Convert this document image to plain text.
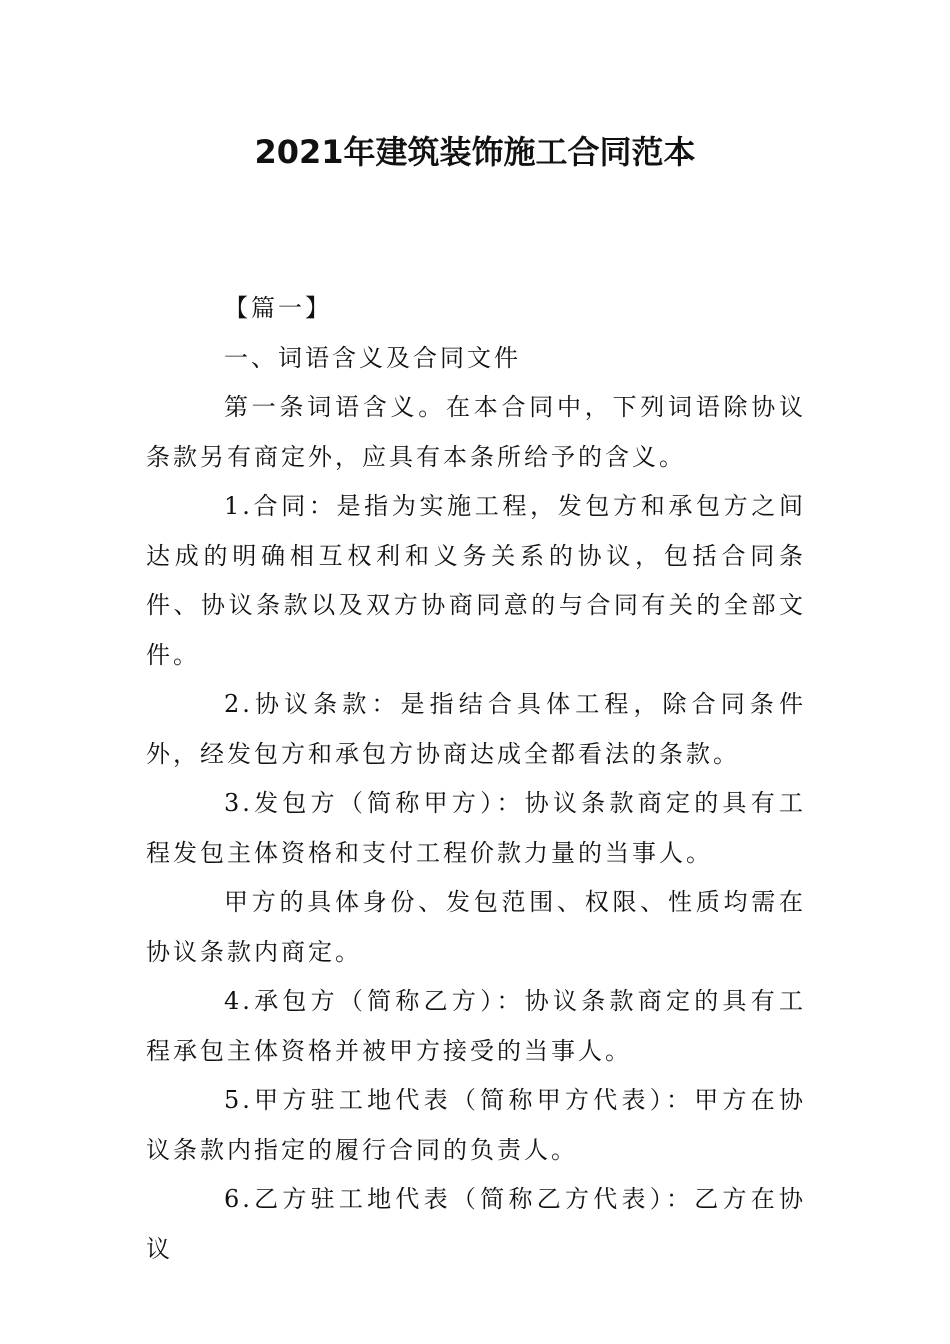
2021年建筑装饰施工合同范本

【篇一】

一、词语含义及合同文件

第一条词语含义。在本合同中，下列词语除协议条款另有商定外，应具有本条所给予的含义。

1.合同：是指为实施工程，发包方和承包方之间达成的明确相互权利和义务关系的协议，包括合同条件、协议条款以及双方协商同意的与合同有关的全部文件。

2.协议条款：是指结合具体工程，除合同条件外，经发包方和承包方协商达成全都看法的条款。

3.发包方（简称甲方）：协议条款商定的具有工程发包主体资格和支付工程价款力量的当事人。

甲方的具体身份、发包范围、权限、性质均需在协议条款内商定。

4.承包方（简称乙方）：协议条款商定的具有工程承包主体资格并被甲方接受的当事人。

5.甲方驻工地代表（简称甲方代表）：甲方在协议条款内指定的履行合同的负责人。

6.乙方驻工地代表（简称乙方代表）：乙方在协议
